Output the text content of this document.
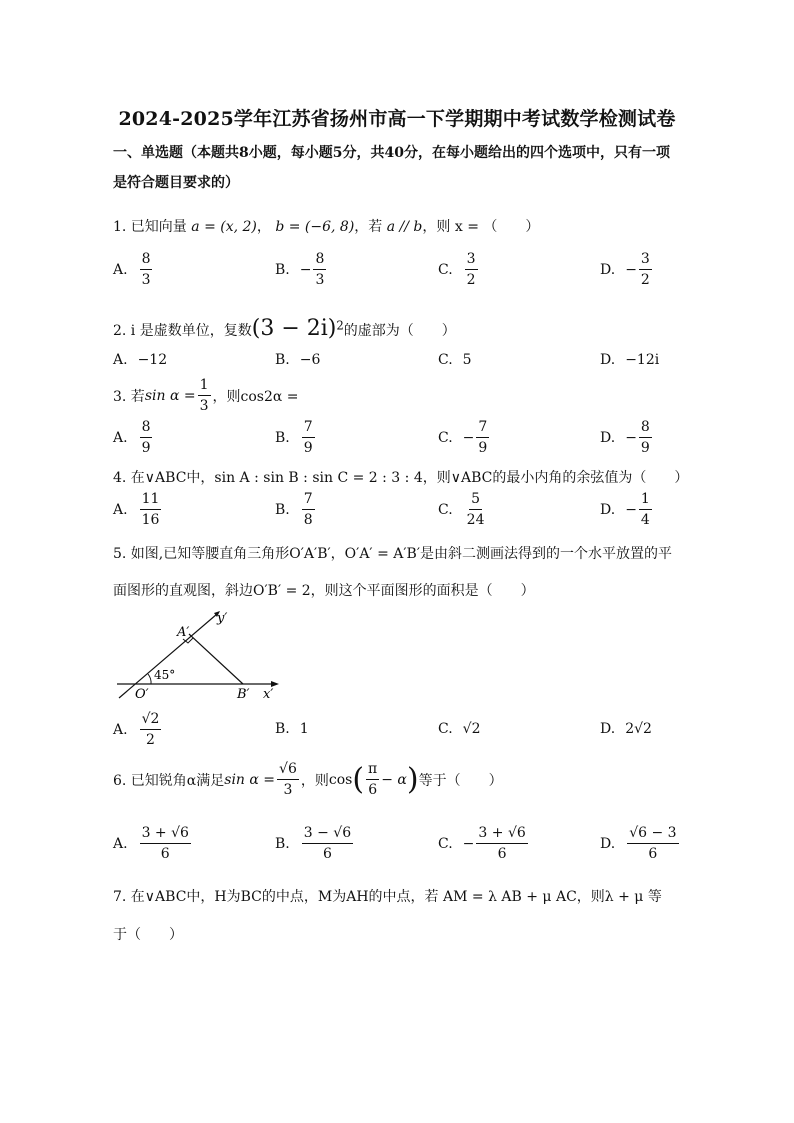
2024-2025学年江苏省扬州市高一下学期期中考试数学检测试卷
一、单选题（本题共8小题，每小题5分，共40分，在每小题给出的四个选项中，只有一项是符合题目要求的）
1. 已知向量 a = (x, 2)， b = (−6, 8)，若 a // b，则 x = （　　）
A. $\frac{8}{3}$	B. − $\frac{8}{3}$	C. $\frac{3}{2}$	D. − $\frac{3}{2}$
2. i 是虚数单位，复数$(3 - 2i)^2$的虚部为（　　）
A. −12	B. −6	C. 5	D. −12i
3. 若 $\sin \alpha = \frac{1}{3}$ ，则cos2α =
A. $\frac{8}{9}$	B. $\frac{7}{9}$	C. − $\frac{7}{9}$	D. − $\frac{8}{9}$
4. 在∨ABC中，sin A : sin B : sin C = 2 : 3 : 4，则∨ABC的最小内角的余弦值为（　　）
A. $\frac{11}{16}$	B. $\frac{7}{8}$	C. $\frac{5}{24}$	D. − $\frac{1}{4}$
5. 如图,已知等腰直角三角形O′A′B′，O′A′ = A′B′是由斜二测画法得到的一个水平放置的平
面图形的直观图，斜边O′B′ = 2，则这个平面图形的面积是（　　）
y′
A′
45°
O′	B′ x′
A. $\frac{√2}{2}$	B. 1	C. √2	D. 2√2
6. 已知锐角α满足 $\sin \alpha = \frac{√6}{3}$ ，则 cos ( $\frac{\pi}{6} - \alpha$ ) 等于（　　）
A. $\frac{3 + √6}{6}$	B. $\frac{3 - √6}{6}$	C. − $\frac{3 + √6}{6}$	D. $\frac{√6 - 3}{6}$
7. 在∨ABC中，H为BC的中点，M为AH的中点，若 AM = λ AB + μ AC，则λ + μ 等
于（　　）
